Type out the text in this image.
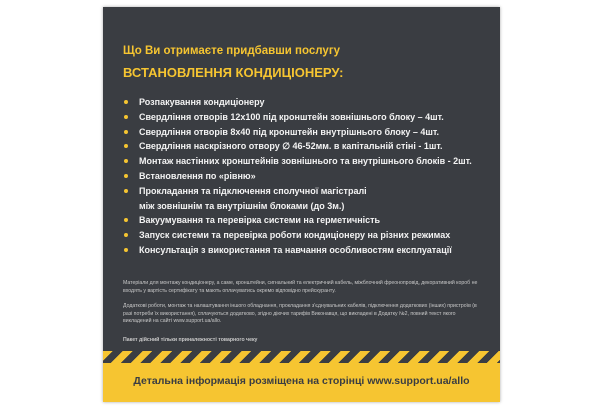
Що Ви отримаєте придбавши послугу
ВСТАНОВЛЕННЯ КОНДИЦІОНЕРУ:
Розпакування кондиціонеру
Свердління отворів 12x100 під кронштейн зовнішнього блоку – 4шт.
Свердління отворів 8x40 під кронштейн внутрішнього блоку – 4шт.
Свердління наскрізного отвору ∅ 46-52мм. в капітальній стіні - 1шт.
Монтаж настінних кронштейнів зовнішнього та внутрішнього блоків - 2шт.
Встановлення по «рівню»
Прокладання та підключення сполучної магістралі
між зовнішнім та внутрішнім блоками (до 3м.)
Вакуумування та перевірка системи на герметичність
Запуск системи та перевірка роботи кондиціонеру на різних режимах
Консультація з використання та навчання особливостям експлуатації
Матеріали для монтажу кондиціонеру, а саме, кронштейни, сигнальний та електричний кабель, міжблочний фреонопровід, декоративний короб не входять у вартість сертифікату та мають оплачуватись окремо відповідно прейскуранту.
Додаткові роботи, монтаж та налаштування іншого обладнання, прокладання з'єднувальних кабелів, підключення додаткових (інших) пристроїв (в разі потреби їх використання), сплачуються додатково, згідно діючих тарифів Виконавця, що викладені в Додатку №2, повний текст якого викладений на сайті www.support.ua/allo.
Пакет дійсний тільки приналежності товарного чеку
Детальна інформація розміщена на сторінці www.support.ua/allo
